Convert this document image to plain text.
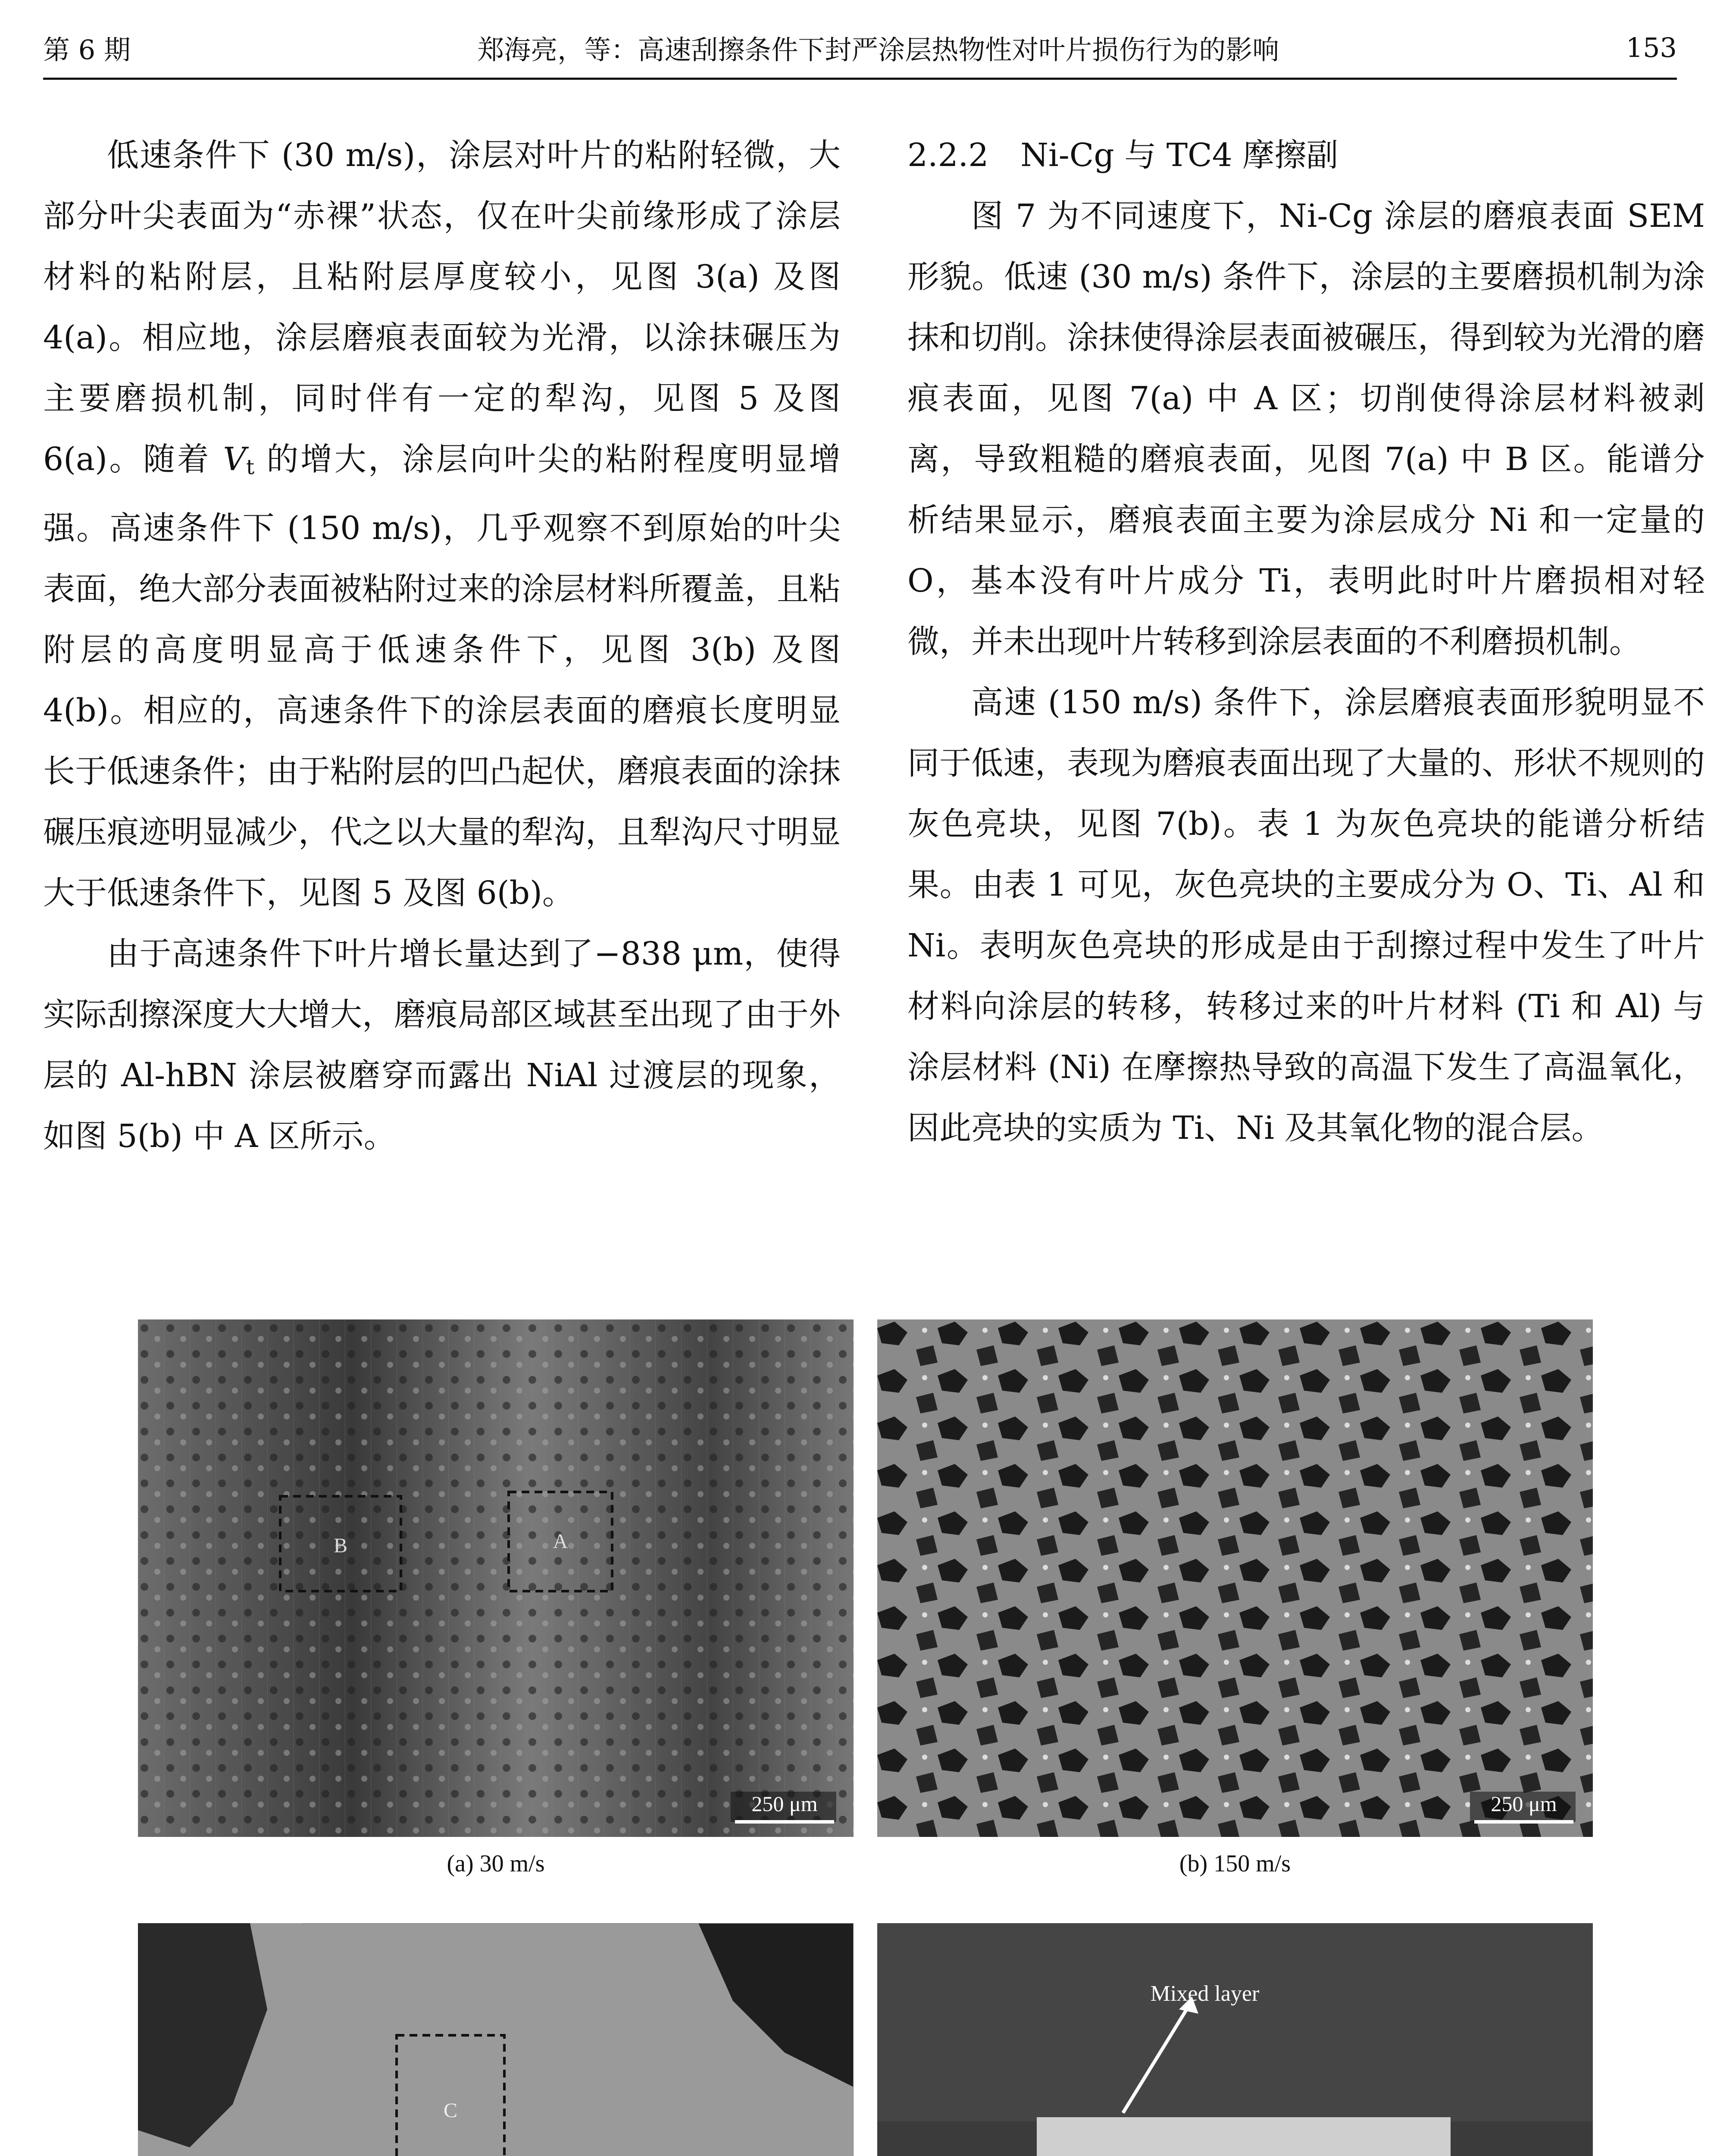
第 6 期	郑海亮，等：高速刮擦条件下封严涂层热物性对叶片损伤行为的影响	153

低速条件下 (30 m/s)，涂层对叶片的粘附轻微，大部分叶尖表面为“赤裸”状态，仅在叶尖前缘形成了涂层材料的粘附层，且粘附层厚度较小，见图 3(a) 及图 4(a)。相应地，涂层磨痕表面较为光滑，以涂抹碾压为主要磨损机制，同时伴有一定的犁沟，见图 5 及图 6(a)。随着 Vt 的增大，涂层向叶尖的粘附程度明显增强。高速条件下 (150 m/s)，几乎观察不到原始的叶尖表面，绝大部分表面被粘附过来的涂层材料所覆盖，且粘附层的高度明显高于低速条件下，见图 3(b) 及图 4(b)。相应的，高速条件下的涂层表面的磨痕长度明显长于低速条件；由于粘附层的凹凸起伏，磨痕表面的涂抹碾压痕迹明显减少，代之以大量的犁沟，且犁沟尺寸明显大于低速条件下，见图 5 及图 6(b)。

由于高速条件下叶片增长量达到了−838 μm，使得实际刮擦深度大大增大，磨痕局部区域甚至出现了由于外层的 Al-hBN 涂层被磨穿而露出 NiAl 过渡层的现象，如图 5(b) 中 A 区所示。

2.2.2　Ni-Cg 与 TC4 摩擦副

图 7 为不同速度下，Ni-Cg 涂层的磨痕表面 SEM 形貌。低速 (30 m/s) 条件下，涂层的主要磨损机制为涂抹和切削。涂抹使得涂层表面被碾压，得到较为光滑的磨痕表面，见图 7(a) 中 A 区；切削使得涂层材料被剥离，导致粗糙的磨痕表面，见图 7(a) 中 B 区。能谱分析结果显示，磨痕表面主要为涂层成分 Ni 和一定量的 O，基本没有叶片成分 Ti，表明此时叶片磨损相对轻微，并未出现叶片转移到涂层表面的不利磨损机制。

高速 (150 m/s) 条件下，涂层磨痕表面形貌明显不同于低速，表现为磨痕表面出现了大量的、形状不规则的灰色亮块，见图 7(b)。表 1 为灰色亮块的能谱分析结果。由表 1 可见，灰色亮块的主要成分为 O、Ti、Al 和 Ni。表明灰色亮块的形成是由于刮擦过程中发生了叶片材料向涂层的转移，转移过来的叶片材料 (Ti 和 Al) 与涂层材料 (Ni) 在摩擦热导致的高温下发生了高温氧化，因此亮块的实质为 Ti、Ni 及其氧化物的混合层。

B	A
250 μm
(a) 30 m/s
250 μm
(b) 150 m/s
C
Mixed layer
